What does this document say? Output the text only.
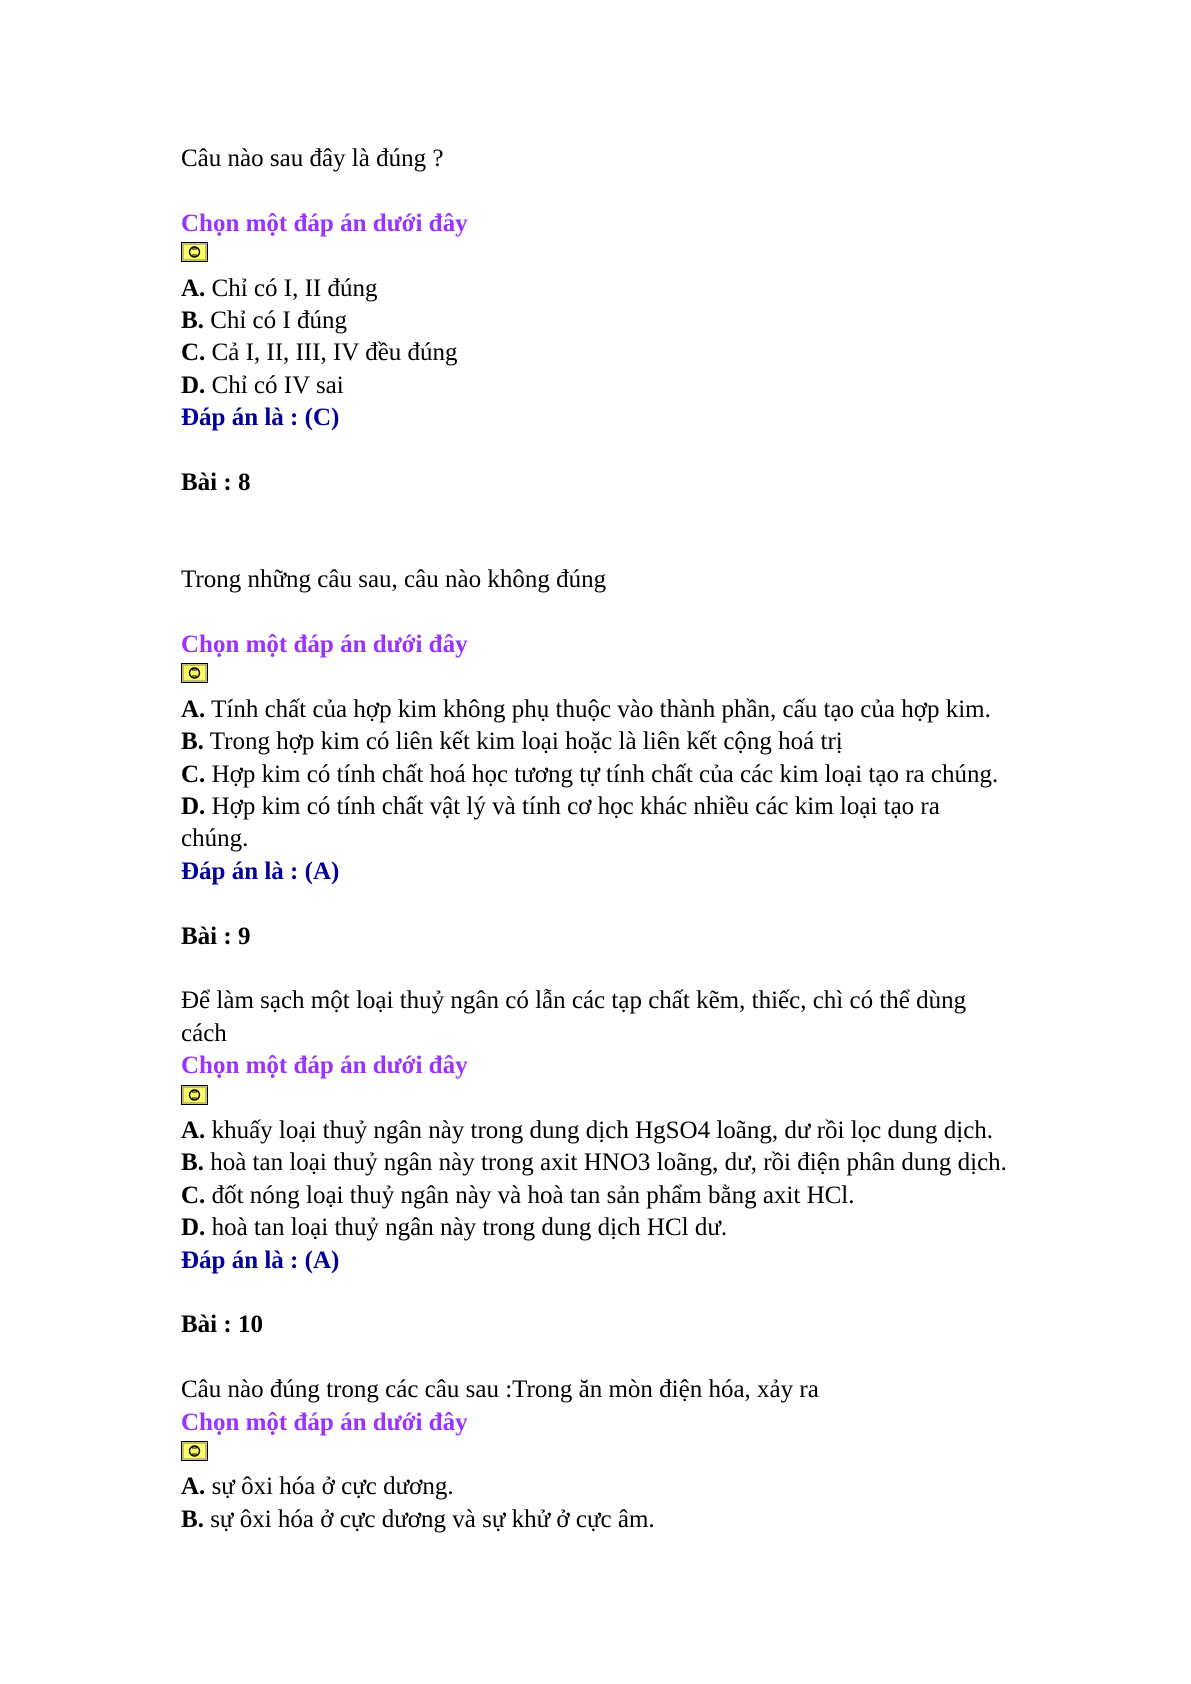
Câu nào sau đây là đúng ?
Chọn một đáp án dưới đây
A. Chỉ có I, II đúng
B. Chỉ có I đúng
C. Cả I, II, III, IV đều đúng
D. Chỉ có IV sai
Đáp án là : (C)
Bài : 8
Trong những câu sau, câu nào không đúng
Chọn một đáp án dưới đây
A. Tính chất của hợp kim không phụ thuộc vào thành phần, cấu tạo của hợp kim.
B. Trong hợp kim có liên kết kim loại hoặc là liên kết cộng hoá trị
C. Hợp kim có tính chất hoá học tương tự tính chất của các kim loại tạo ra chúng.
D. Hợp kim có tính chất vật lý và tính cơ học khác nhiều các kim loại tạo ra
chúng.
Đáp án là : (A)
Bài : 9
Để làm sạch một loại thuỷ ngân có lẫn các tạp chất kẽm, thiếc, chì có thể dùng
cách
Chọn một đáp án dưới đây
A. khuấy loại thuỷ ngân này trong dung dịch HgSO4 loãng, dư rồi lọc dung dịch.
B. hoà tan loại thuỷ ngân này trong axit HNO3 loãng, dư, rồi điện phân dung dịch.
C. đốt nóng loại thuỷ ngân này và hoà tan sản phẩm bằng axit HCl.
D. hoà tan loại thuỷ ngân này trong dung dịch HCl dư.
Đáp án là : (A)
Bài : 10
Câu nào đúng trong các câu sau :Trong ăn mòn điện hóa, xảy ra
Chọn một đáp án dưới đây
A. sự ôxi hóa ở cực dương.
B. sự ôxi hóa ở cực dương và sự khử ở cực âm.
